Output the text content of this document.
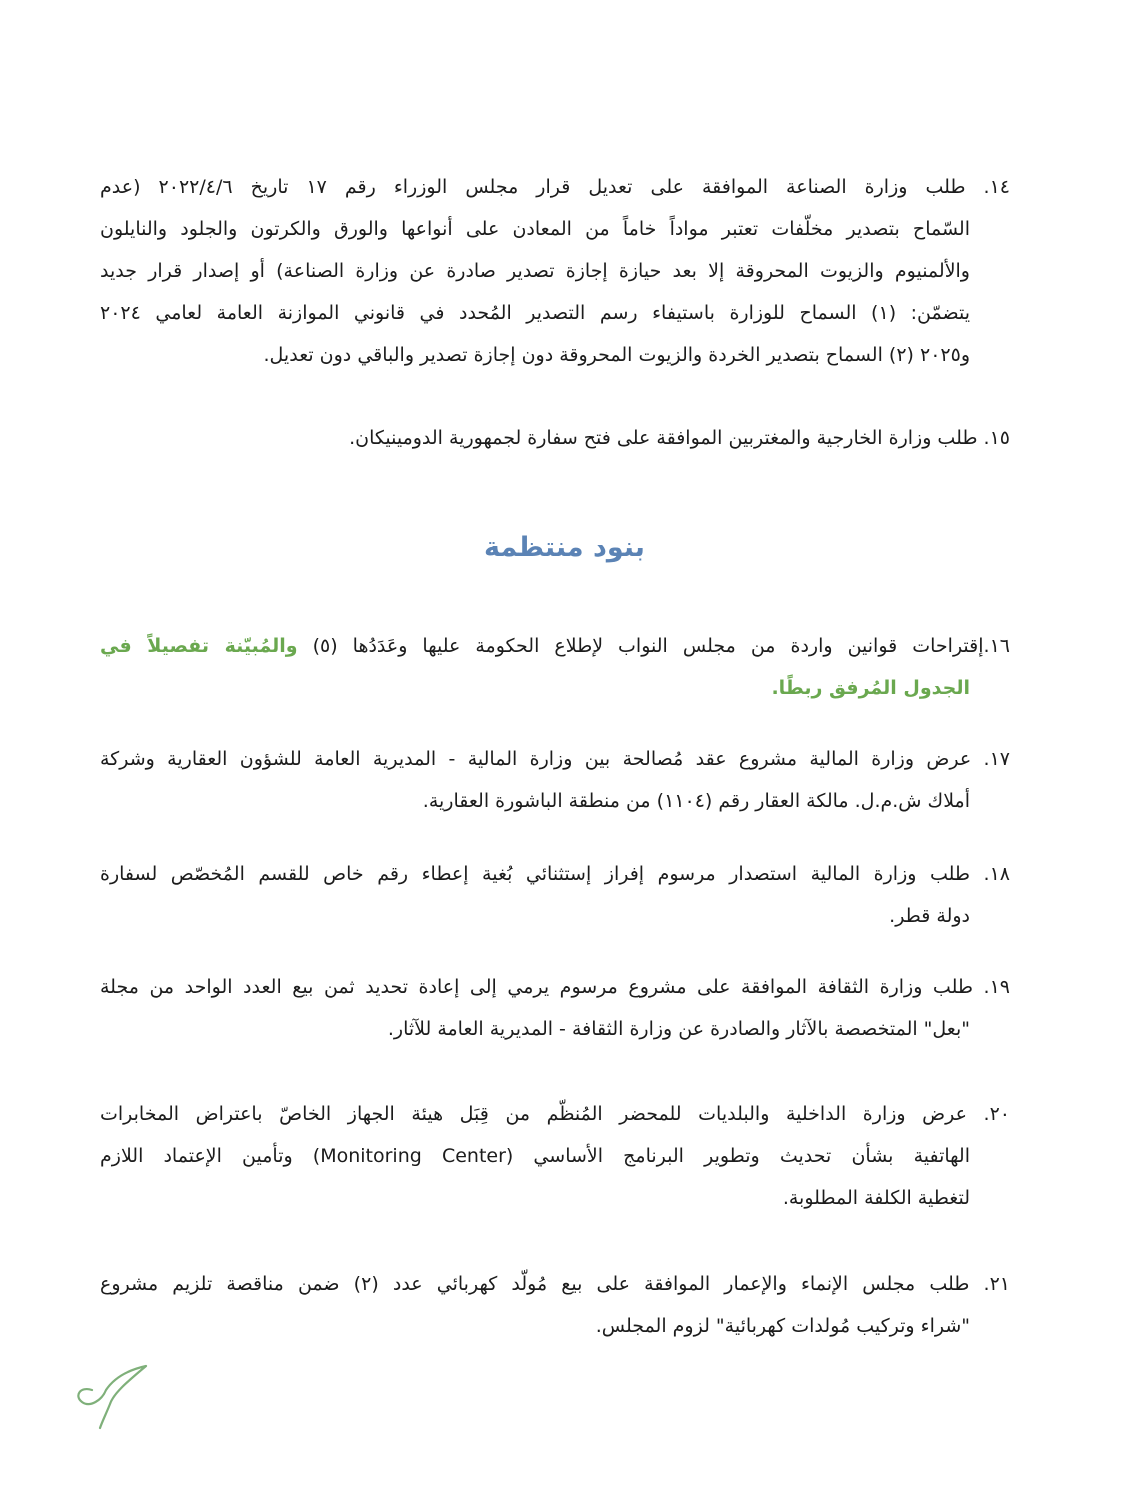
١٤. طلب وزارة الصناعة الموافقة على تعديل قرار مجلس الوزراء رقم ١٧ تاريخ ٢٠٢٢/٤/٦ (عدم
السّماح بتصدير مخلّفات تعتبر مواداً خاماً من المعادن على أنواعها والورق والكرتون والجلود والنايلون
والألمنيوم والزيوت المحروقة إلا بعد حيازة إجازة تصدير صادرة عن وزارة الصناعة) أو إصدار قرار جديد
يتضمّن: (١) السماح للوزارة باستيفاء رسم التصدير المُحدد في قانوني الموازنة العامة لعامي ٢٠٢٤
و٢٠٢٥ (٢) السماح بتصدير الخردة والزيوت المحروقة دون إجازة تصدير والباقي دون تعديل.
١٥. طلب وزارة الخارجية والمغتربين الموافقة على فتح سفارة لجمهورية الدومينيكان.
بنود منتظمة
١٦.إقتراحات قوانين واردة من مجلس النواب لإطلاع الحكومة عليها وعَدَدُها (٥) والمُبيّنة تفصيلاً في
الجدول المُرفق ربطًا.
١٧. عرض وزارة المالية مشروع عقد مُصالحة بين وزارة المالية - المديرية العامة للشؤون العقارية وشركة
أملاك ش.م.ل. مالكة العقار رقم (١١٠٤) من منطقة الباشورة العقارية.
١٨. طلب وزارة المالية استصدار مرسوم إفراز إستثنائي بُغية إعطاء رقم خاص للقسم المُخصّص لسفارة
دولة قطر.
١٩. طلب وزارة الثقافة الموافقة على مشروع مرسوم يرمي إلى إعادة تحديد ثمن بيع العدد الواحد من مجلة
"بعل" المتخصصة بالآثار والصادرة عن وزارة الثقافة - المديرية العامة للآثار.
٢٠. عرض وزارة الداخلية والبلديات للمحضر المُنظّم من قِبَل هيئة الجهاز الخاصّ باعتراض المخابرات
الهاتفية بشأن تحديث وتطوير البرنامج الأساسي (Monitoring Center) وتأمين الإعتماد اللازم
لتغطية الكلفة المطلوبة.
٢١. طلب مجلس الإنماء والإعمار الموافقة على بيع مُولّد كهربائي عدد (٢) ضمن مناقصة تلزيم مشروع
"شراء وتركيب مُولدات كهربائية" لزوم المجلس.
